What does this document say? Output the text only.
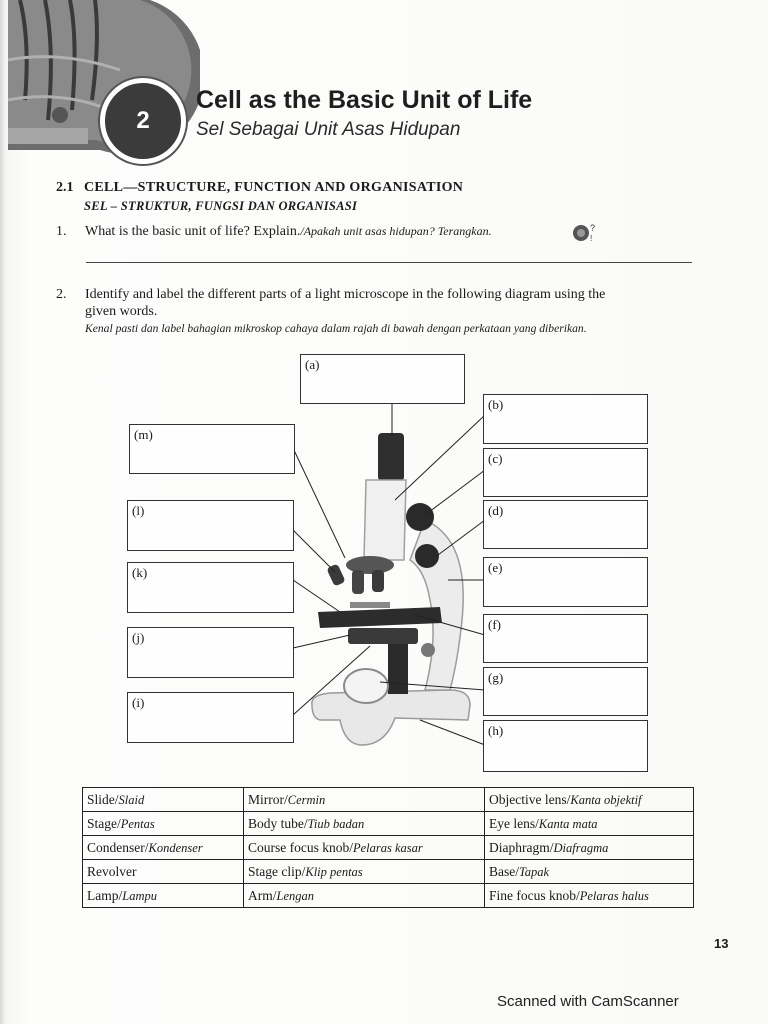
2
Cell as the Basic Unit of Life
Sel Sebagai Unit Asas Hidupan
2.1 CELL—STRUCTURE, FUNCTION AND ORGANISATION
SEL – STRUKTUR, FUNGSI DAN ORGANISASI
1. What is the basic unit of life? Explain./Apakah unit asas hidupan? Terangkan.	?
!
2. Identify and label the different parts of a light microscope in the following diagram using the
given words.
Kenal pasti dan label bahagian mikroskop cahaya dalam rajah di bawah dengan perkataan yang diberikan.
(a)
(b)
(c)
(d)
(e)
(f)
(g)
(h)
(i)
(j)
(k)
(l)
(m)
Slide/Slaid	Mirror/Cermin	Objective lens/Kanta objektif
Stage/Pentas	Body tube/Tiub badan	Eye lens/Kanta mata
Condenser/Kondenser	Course focus knob/Pelaras kasar	Diaphragm/Diafragma
Revolver	Stage clip/Klip pentas	Base/Tapak
Lamp/Lampu	Arm/Lengan	Fine focus knob/Pelaras halus
13
Scanned with CamScanner
